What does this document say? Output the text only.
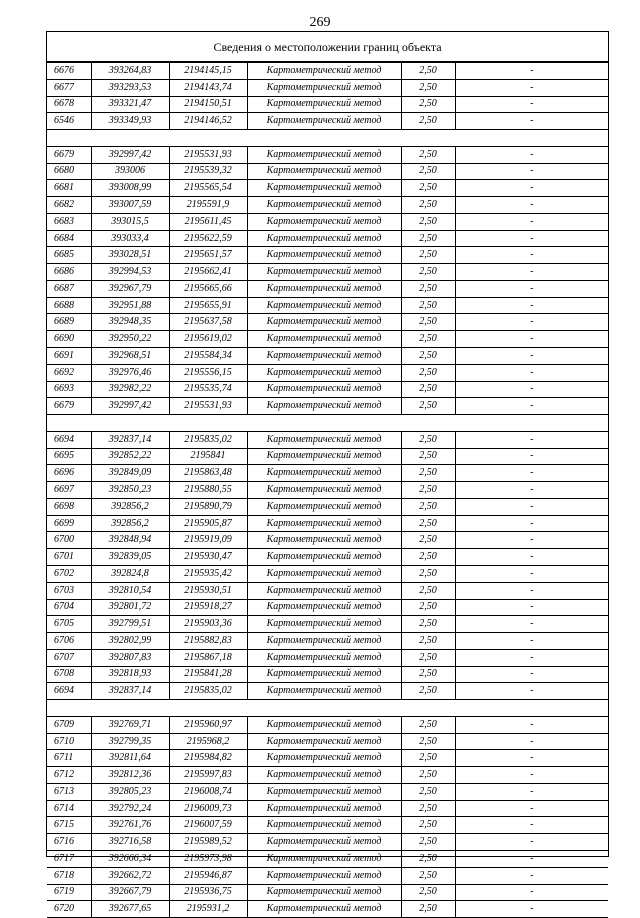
269
Сведения о местоположении границ объекта
6676	393264,83	2194145,15	Картометрический метод	2,50	-
6677	393293,53	2194143,74	Картометрический метод	2,50	-
6678	393321,47	2194150,51	Картометрический метод	2,50	-
6546	393349,93	2194146,52	Картометрический метод	2,50	-

6679	392997,42	2195531,93	Картометрический метод	2,50	-
6680	393006	2195539,32	Картометрический метод	2,50	-
6681	393008,99	2195565,54	Картометрический метод	2,50	-
6682	393007,59	2195591,9	Картометрический метод	2,50	-
6683	393015,5	2195611,45	Картометрический метод	2,50	-
6684	393033,4	2195622,59	Картометрический метод	2,50	-
6685	393028,51	2195651,57	Картометрический метод	2,50	-
6686	392994,53	2195662,41	Картометрический метод	2,50	-
6687	392967,79	2195665,66	Картометрический метод	2,50	-
6688	392951,88	2195655,91	Картометрический метод	2,50	-
6689	392948,35	2195637,58	Картометрический метод	2,50	-
6690	392950,22	2195619,02	Картометрический метод	2,50	-
6691	392968,51	2195584,34	Картометрический метод	2,50	-
6692	392976,46	2195556,15	Картометрический метод	2,50	-
6693	392982,22	2195535,74	Картометрический метод	2,50	-
6679	392997,42	2195531,93	Картометрический метод	2,50	-

6694	392837,14	2195835,02	Картометрический метод	2,50	-
6695	392852,22	2195841	Картометрический метод	2,50	-
6696	392849,09	2195863,48	Картометрический метод	2,50	-
6697	392850,23	2195880,55	Картометрический метод	2,50	-
6698	392856,2	2195890,79	Картометрический метод	2,50	-
6699	392856,2	2195905,87	Картометрический метод	2,50	-
6700	392848,94	2195919,09	Картометрический метод	2,50	-
6701	392839,05	2195930,47	Картометрический метод	2,50	-
6702	392824,8	2195935,42	Картометрический метод	2,50	-
6703	392810,54	2195930,51	Картометрический метод	2,50	-
6704	392801,72	2195918,27	Картометрический метод	2,50	-
6705	392799,51	2195903,36	Картометрический метод	2,50	-
6706	392802,99	2195882,83	Картометрический метод	2,50	-
6707	392807,83	2195867,18	Картометрический метод	2,50	-
6708	392818,93	2195841,28	Картометрический метод	2,50	-
6694	392837,14	2195835,02	Картометрический метод	2,50	-

6709	392769,71	2195960,97	Картометрический метод	2,50	-
6710	392799,35	2195968,2	Картометрический метод	2,50	-
6711	392811,64	2195984,82	Картометрический метод	2,50	-
6712	392812,36	2195997,83	Картометрический метод	2,50	-
6713	392805,23	2196008,74	Картометрический метод	2,50	-
6714	392792,24	2196009,73	Картометрический метод	2,50	-
6715	392761,76	2196007,59	Картометрический метод	2,50	-
6716	392716,58	2195989,52	Картометрический метод	2,50	-
6717	392666,34	2195973,98	Картометрический метод	2,50	-
6718	392662,72	2195946,87	Картометрический метод	2,50	-
6719	392667,79	2195936,75	Картометрический метод	2,50	-
6720	392677,65	2195931,2	Картометрический метод	2,50	-
